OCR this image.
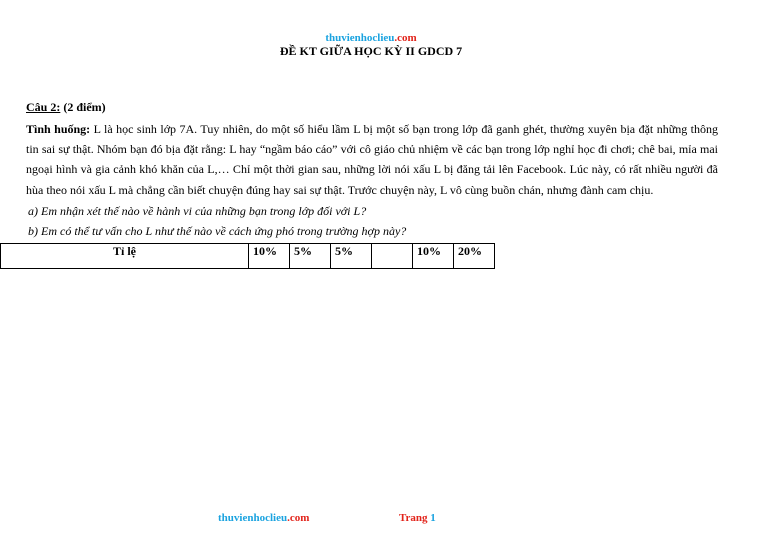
thuvienhoclieu.com
ĐỀ KT GIỮA HỌC KỲ II GDCD 7
Câu 2: (2 điểm)
Tình huống: L là học sinh lớp 7A. Tuy nhiên, do một số hiểu lầm L bị một số bạn trong lớp đã ganh ghét, thường xuyên bịa đặt những thông tin sai sự thật. Nhóm bạn đó bịa đặt rằng: L hay “ngầm báo cáo” với cô giáo chủ nhiệm về các bạn trong lớp nghỉ học đi chơi; chê bai, mỉa mai ngoại hình và gia cảnh khó khăn của L,… Chỉ một thời gian sau, những lời nói xấu L bị đăng tải lên Facebook. Lúc này, có rất nhiều người đã hùa theo nói xấu L mà chẳng cần biết chuyện đúng hay sai sự thật. Trước chuyện này, L vô cùng buồn chán, nhưng đành cam chịu.
a) Em nhận xét thế nào về hành vi của những bạn trong lớp đối với L?
b) Em có thể tư vấn cho L như thế nào về cách ứng phó trong trường hợp này?
Tỉ lệ	10%	5%	5%		10%	20%
thuvienhoclieu.com	Trang 1
